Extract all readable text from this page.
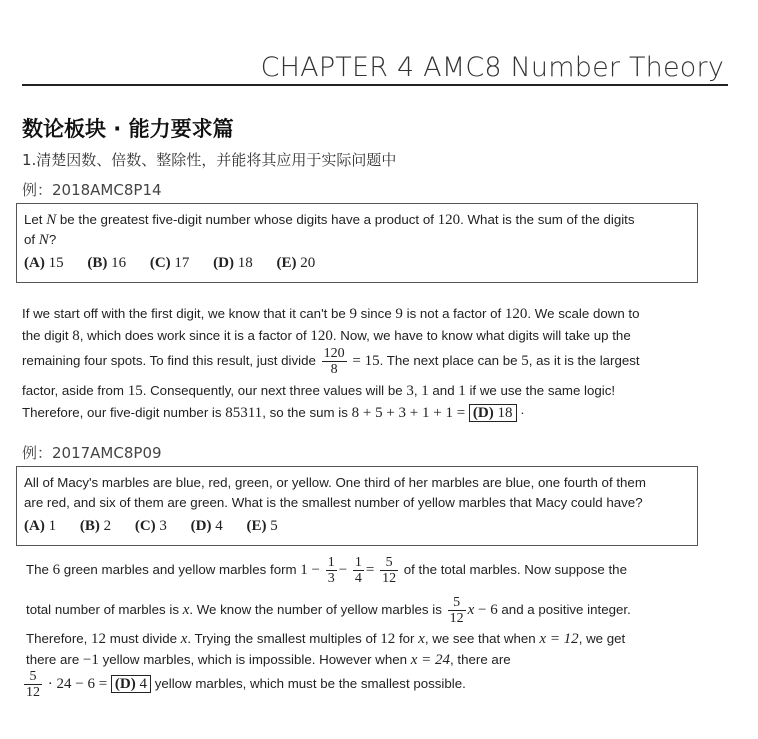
CHAPTER 4 AMC8 Number Theory
数论板块 · 能力要求篇
1.清楚因数、倍数、整除性，并能将其应用于实际问题中
例：2018AMC8P14
Let N be the greatest five-digit number whose digits have a product of 120. What is the sum of the digits
of N?
(A) 15 (B) 16 (C) 17 (D) 18 (E) 20
If we start off with the first digit, we know that it can't be 9 since 9 is not a factor of 120. We scale down to
the digit 8, which does work since it is a factor of 120. Now, we have to know what digits will take up the
remaining four spots. To find this result, just divide $\frac{120}{8} = 15$. The next place can be 5, as it is the largest
factor, aside from 15. Consequently, our next three values will be 3, 1 and 1 if we use the same logic!
Therefore, our five-digit number is 85311, so the sum is 8 + 5 + 3 + 1 + 1 = (D) 18 ·
例：2017AMC8P09
All of Macy's marbles are blue, red, green, or yellow. One third of her marbles are blue, one fourth of them
are red, and six of them are green. What is the smallest number of yellow marbles that Macy could have?
(A) 1 (B) 2 (C) 3 (D) 4 (E) 5
The 6 green marbles and yellow marbles form $1 - \frac{1}{3} - \frac{1}{4} = \frac{5}{12}$ of the total marbles. Now suppose the
total number of marbles is x. We know the number of yellow marbles is $\frac{5}{12}$ x − 6 and a positive integer.
Therefore, 12 must divide x. Trying the smallest multiples of 12 for x, we see that when x = 12, we get
there are −1 yellow marbles, which is impossible. However when x = 24, there are
$\frac{5}{12} \cdot 24 - 6 = (D)$ 4 yellow marbles, which must be the smallest possible.
